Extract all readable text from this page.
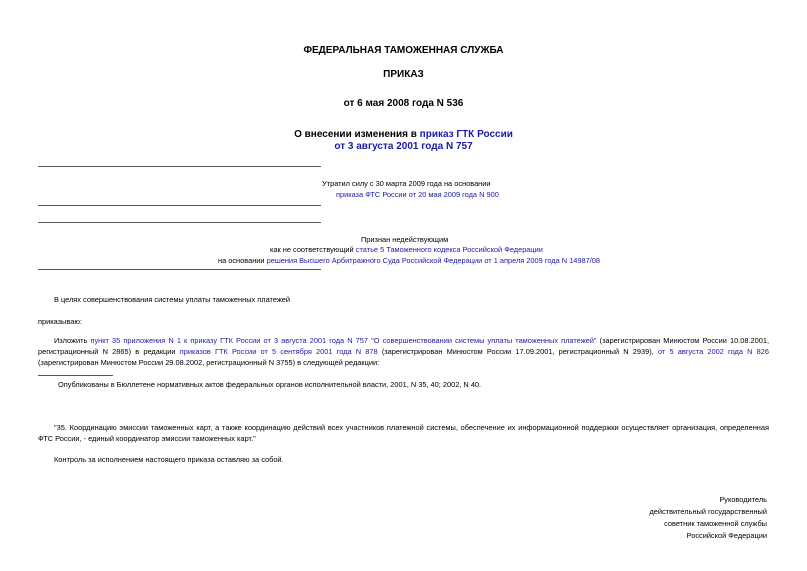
ФЕДЕРАЛЬНАЯ ТАМОЖЕННАЯ СЛУЖБА
ПРИКАЗ
от 6 мая 2008 года N 536
О внесении изменения в приказ ГТК России
от 3 августа 2001 года N 757
Утратил силу с 30 марта 2009 года на основании
приказа ФТС России от 20 мая 2009 года N 900
Признан недействующим
как не соответствующий статье 5 Таможенного кодекса Российской Федерации
на основании решения Высшего Арбитражного Суда Российской Федерации от 1 апреля 2009 года N 14987/08
В целях совершенствования системы уплаты таможенных платежей
приказываю:
Изложить пункт 35 приложения N 1 к приказу ГТК России от 3 августа 2001 года N 757 "О совершенствовании системы уплаты таможенных платежей" (зарегистрирован Минюстом России 10.08.2001, регистрационный N 2865) в редакции приказов ГТК России от 5 сентября 2001 года N 878 (зарегистрирован Минюстом России 17.09.2001, регистрационный N 2939), от 5 августа 2002 года N 826 (зарегистрирован Минюстом России 29.08.2002, регистрационный N 3755) в следующей редакции:
Опубликованы в Бюллетене нормативных актов федеральных органов исполнительной власти, 2001, N 35, 40; 2002, N 40.
"35. Координацию эмиссии таможенных карт, а также координацию действий всех участников платежной системы, обеспечение их информационной поддержки осуществляет организация, определенная ФТС России, - единый координатор эмиссии таможенных карт."
Контроль за исполнением настоящего приказа оставляю за собой.
Руководитель
действительный государственный
советник таможенной службы
Российской Федерации
